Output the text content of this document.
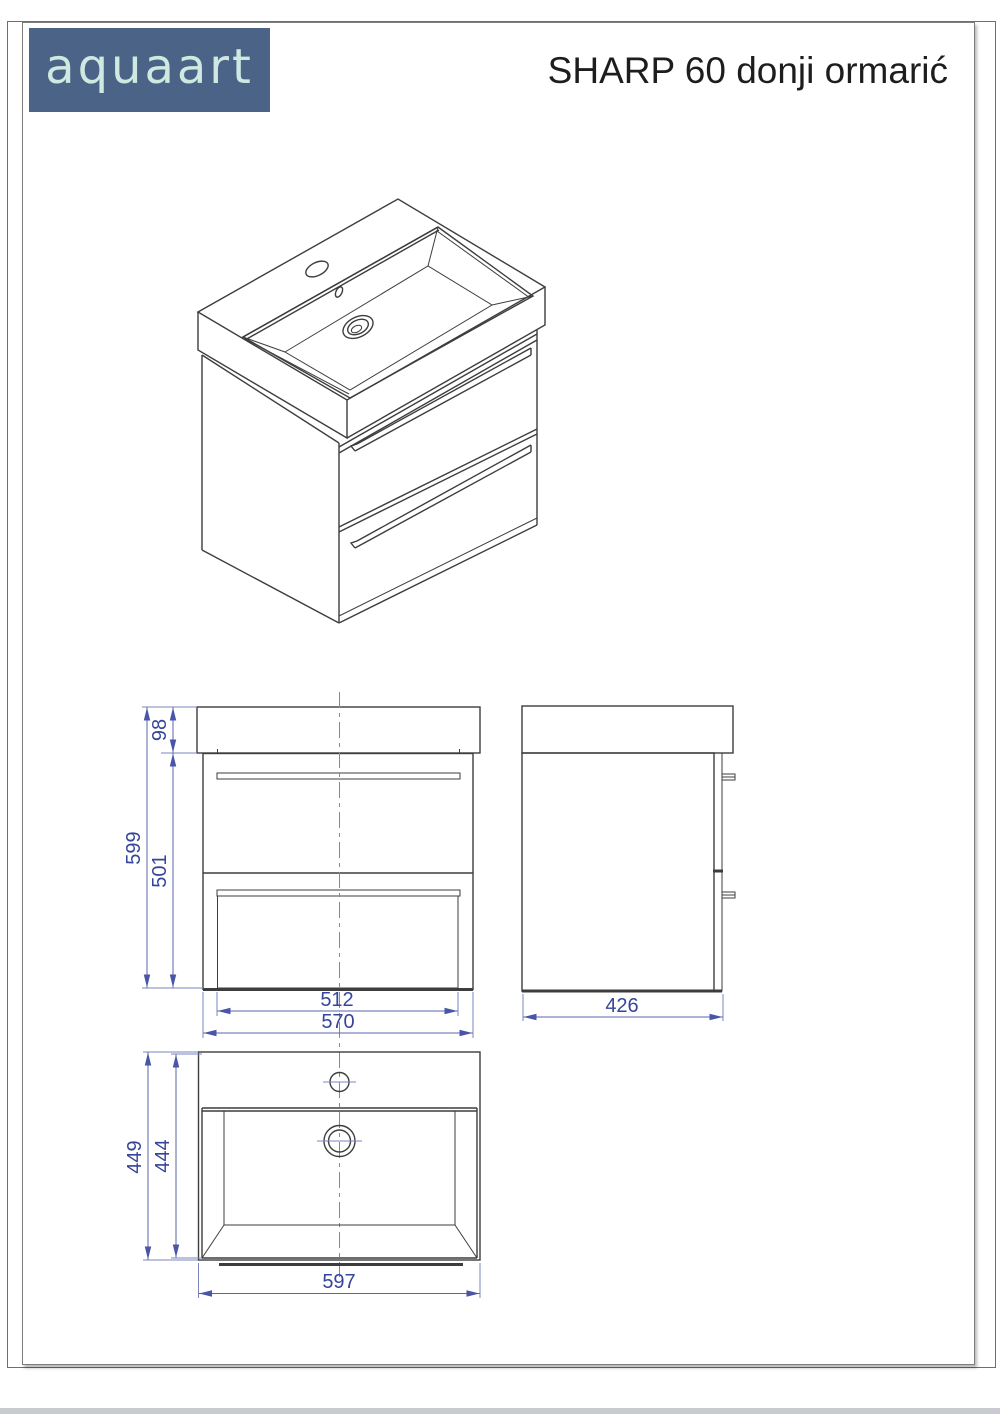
aquaart	SHARP 60 donji ormarić
98
599
501
512
570
426
449 444
597
